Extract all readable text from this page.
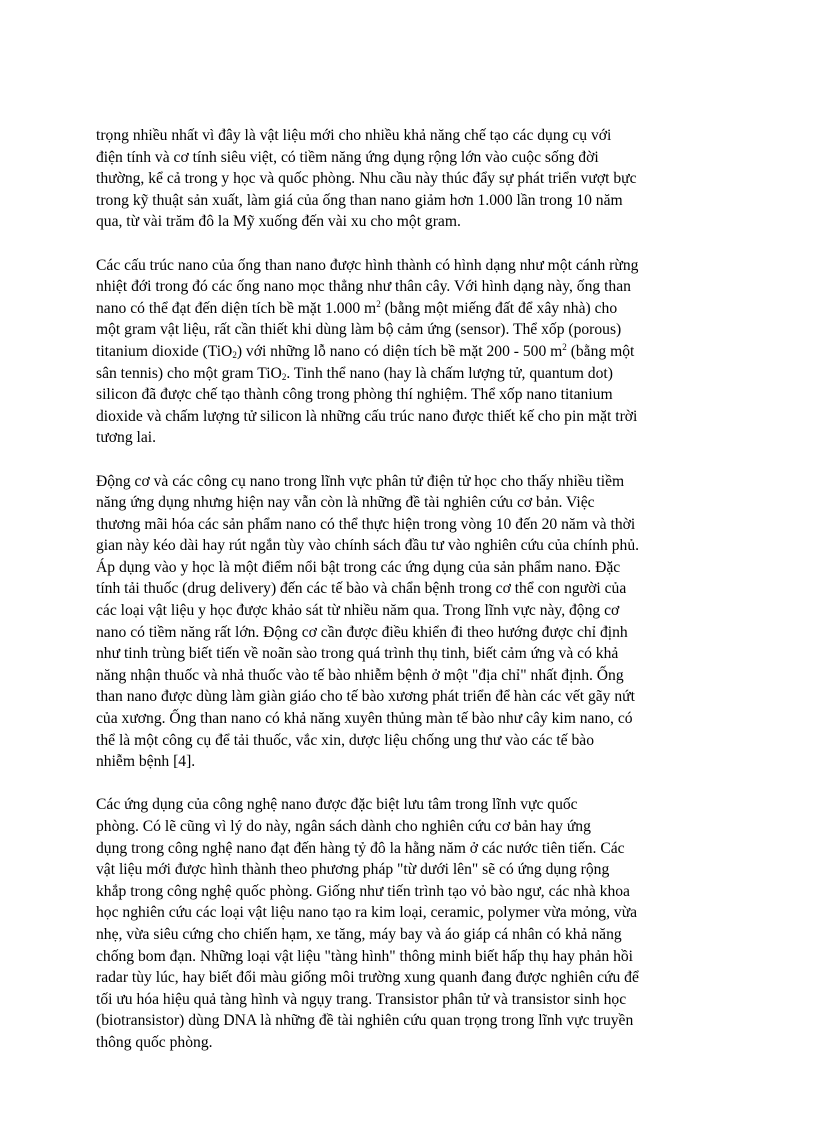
trọng nhiều nhất vì đây là vật liệu mới cho nhiều khả năng chế tạo các dụng cụ với
điện tính và cơ tính siêu việt, có tiềm năng ứng dụng rộng lớn vào cuộc sống đời
thường, kể cả trong y học và quốc phòng. Nhu cầu này thúc đẩy sự phát triển vượt bực
trong kỹ thuật sản xuất, làm giá của ống than nano giảm hơn 1.000 lần trong 10 năm
qua, từ vài trăm đô la Mỹ xuống đến vài xu cho một gram.
Các cấu trúc nano của ống than nano được hình thành có hình dạng như một cánh rừng
nhiệt đới trong đó các ống nano mọc thẳng như thân cây. Với hình dạng này, ống than
nano có thể đạt đến diện tích bề mặt 1.000 $m^2$ (bằng một miếng đất để xây nhà) cho
một gram vật liệu, rất cần thiết khi dùng làm bộ cảm ứng (sensor). Thể xốp (porous)
titanium dioxide (TiO$_2$) với những lỗ nano có diện tích bề mặt 200 - 500 $m^2$ (bằng một
sân tennis) cho một gram TiO$_2$. Tinh thể nano (hay là chấm lượng tử, quantum dot)
silicon đã được chế tạo thành công trong phòng thí nghiệm. Thể xốp nano titanium
dioxide và chấm lượng tử silicon là những cấu trúc nano được thiết kế cho pin mặt trời
tương lai.
Động cơ và các công cụ nano trong lĩnh vực phân tử điện tử học cho thấy nhiều tiềm
năng ứng dụng nhưng hiện nay vẫn còn là những đề tài nghiên cứu cơ bản. Việc
thương mãi hóa các sản phẩm nano có thể thực hiện trong vòng 10 đến 20 năm và thời
gian này kéo dài hay rút ngắn tùy vào chính sách đầu tư vào nghiên cứu của chính phủ.
Áp dụng vào y học là một điểm nổi bật trong các ứng dụng của sản phẩm nano. Đặc
tính tải thuốc (drug delivery) đến các tế bào và chẩn bệnh trong cơ thể con người của
các loại vật liệu y học được khảo sát từ nhiều năm qua. Trong lĩnh vực này, động cơ
nano có tiềm năng rất lớn. Động cơ cần được điều khiển đi theo hướng được chỉ định
như tinh trùng biết tiến về noãn sào trong quá trình thụ tinh, biết cảm ứng và có khả
năng nhận thuốc và nhả thuốc vào tế bào nhiễm bệnh ở một "địa chỉ" nhất định. Ống
than nano được dùng làm giàn giáo cho tế bào xương phát triển để hàn các vết gãy nứt
của xương. Ống than nano có khả năng xuyên thủng màn tế bào như cây kim nano, có
thể là một công cụ để tải thuốc, vắc xin, dược liệu chống ung thư vào các tế bào
nhiễm bệnh [4].
Các ứng dụng của công nghệ nano được đặc biệt lưu tâm trong lĩnh vực quốc
phòng. Có lẽ cũng vì lý do này, ngân sách dành cho nghiên cứu cơ bản hay ứng
dụng trong công nghệ nano đạt đến hàng tỷ đô la hằng năm ở các nước tiên tiến. Các
vật liệu mới được hình thành theo phương pháp "từ dưới lên" sẽ có ứng dụng rộng
khắp trong công nghệ quốc phòng. Giống như tiến trình tạo vỏ bào ngư, các nhà khoa
học nghiên cứu các loại vật liệu nano tạo ra kim loại, ceramic, polymer vừa mỏng, vừa
nhẹ, vừa siêu cứng cho chiến hạm, xe tăng, máy bay và áo giáp cá nhân có khả năng
chống bom đạn. Những loại vật liệu "tàng hình" thông minh biết hấp thụ hay phản hồi
radar tùy lúc, hay biết đổi màu giống môi trường xung quanh đang được nghiên cứu để
tối ưu hóa hiệu quả tàng hình và ngụy trang. Transistor phân tử và transistor sinh học
(biotransistor) dùng DNA là những đề tài nghiên cứu quan trọng trong lĩnh vực truyền
thông quốc phòng.
